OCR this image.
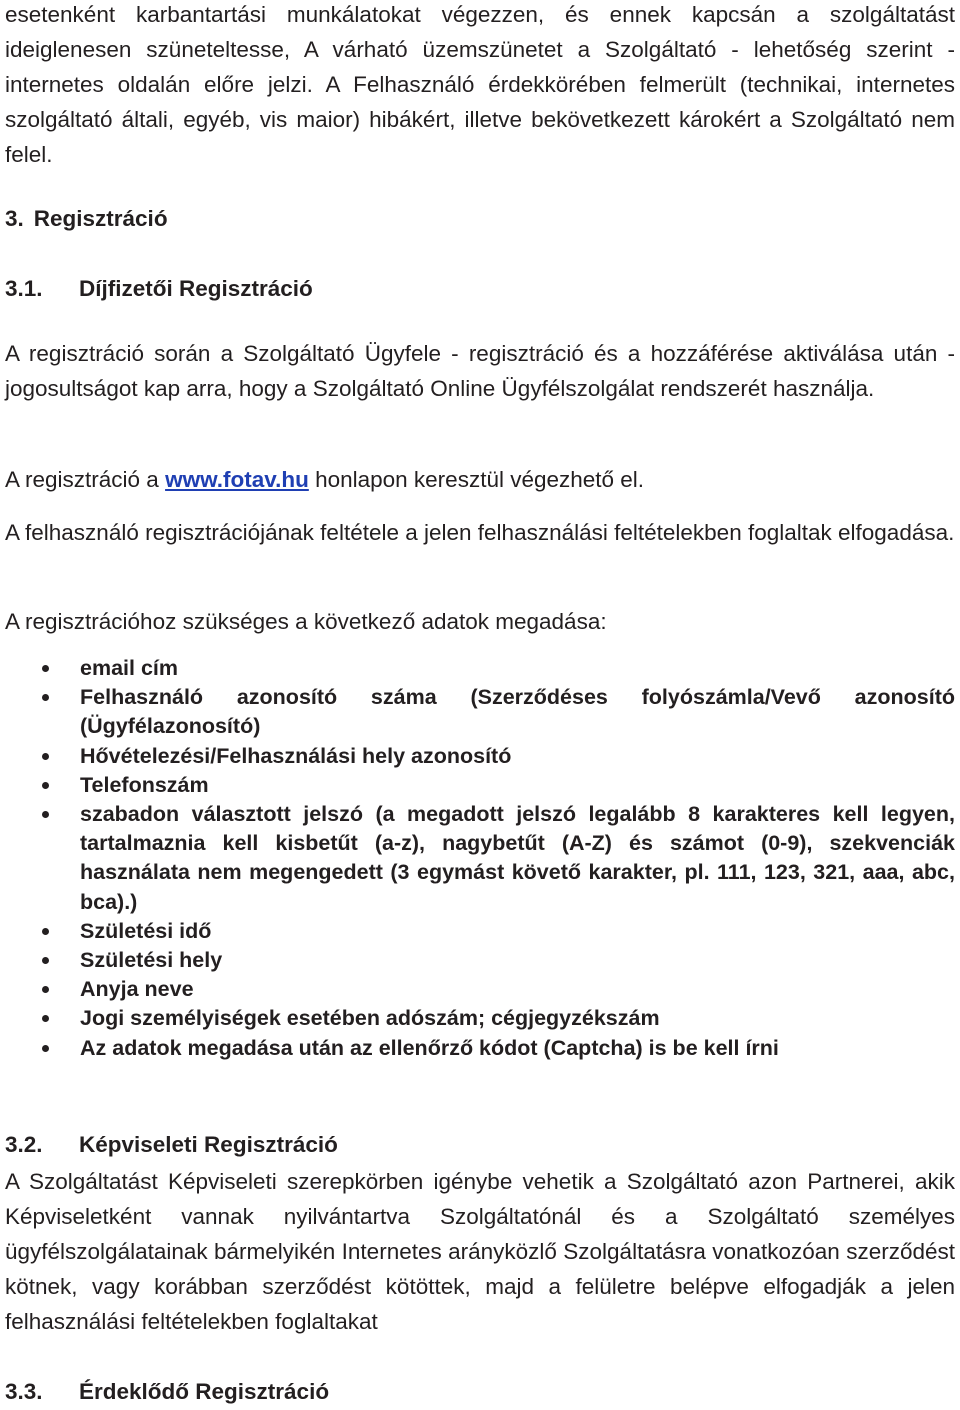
esetenként karbantartási munkálatokat végezzen, és ennek kapcsán a szolgáltatást ideiglenesen szüneteltesse, A várható üzemszünetet a Szolgáltató - lehetőség szerint - internetes oldalán előre jelzi. A Felhasználó érdekkörében felmerült (technikai, internetes szolgáltató általi, egyéb, vis maior) hibákért, illetve bekövetkezett károkért a Szolgáltató nem felel.

3. Regisztráció
3.1. Díjfizetői Regisztráció

A regisztráció során a Szolgáltató Ügyfele - regisztráció és a hozzáférése aktiválása után - jogosultságot kap arra, hogy a Szolgáltató Online Ügyfélszolgálat rendszerét használja.

A regisztráció a www.fotav.hu honlapon keresztül végezhető el.

A felhasználó regisztrációjának feltétele a jelen felhasználási feltételekben foglaltak elfogadása.

A regisztrációhoz szükséges a következő adatok megadása:

email cím
Felhasználó azonosító száma (Szerződéses folyószámla/Vevő azonosító (Ügyfélazonosító)
Hővételezési/Felhasználási hely azonosító
Telefonszám
szabadon választott jelszó (a megadott jelszó legalább 8 karakteres kell legyen, tartalmaznia kell kisbetűt (a-z), nagybetűt (A-Z) és számot (0-9), szekvenciák használata nem megengedett (3 egymást követő karakter, pl. 111, 123, 321, aaa, abc, bca).)
Születési idő
Születési hely
Anyja neve
Jogi személyiségek esetében adószám; cégjegyzékszám
Az adatok megadása után az ellenőrző kódot (Captcha) is be kell írni
3.2. Képviseleti Regisztráció

A Szolgáltatást Képviseleti szerepkörben igénybe vehetik a Szolgáltató azon Partnerei, akik Képviseletként vannak nyilvántartva Szolgáltatónál és a Szolgáltató személyes ügyfélszolgálatainak bármelyikén Internetes arányközlő Szolgáltatásra vonatkozóan szerződést kötnek, vagy korábban szerződést kötöttek, majd a felületre belépve elfogadják a jelen felhasználási feltételekben foglaltakat

3.3. Érdeklődő Regisztráció
